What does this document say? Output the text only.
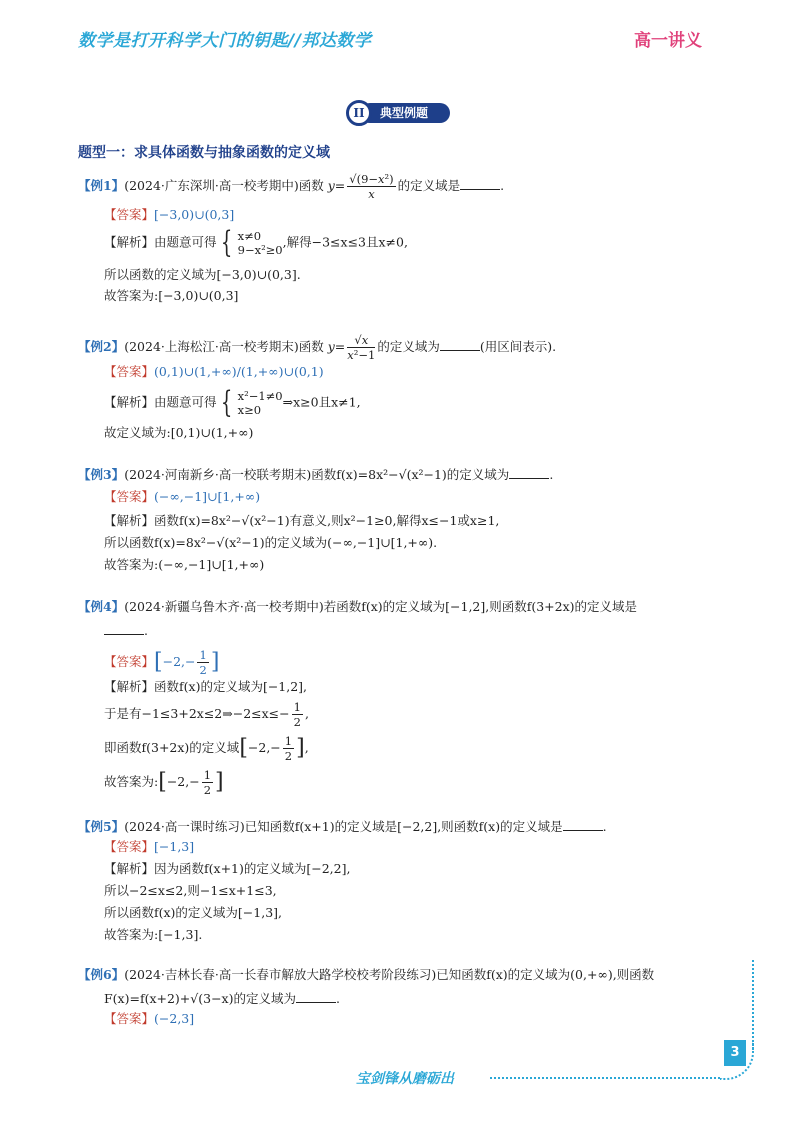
数学是打开科学大门的钥匙//邦达数学	高一讲义
典型例题
II
题型一：求具体函数与抽象函数的定义域
【例1】(2024·广东深圳·高一校考期中)函数 $y= \frac{\text{√(9−x²)}}{x}$ 的定义域是	.
【答案】[−3,0)∪(0,3]
【解析】由题意可得 { x≠0
9−x²≥0,解得−3≤x≤3且x≠0,
所以函数的定义域为[−3,0)∪(0,3].
故答案为:[−3,0)∪(0,3]
【例2】(2024·上海松江·高一校考期末)函数 $y= \frac{√x}{\text{x²−1}}$ 的定义域为	(用区间表示).
【答案】(0,1)∪(1,+∞)/(1,+∞)∪(0,1)
【解析】由题意可得 { x²−1≠0
x≥0⇒x≥0且x≠1,
故定义域为:[0,1)∪(1,+∞)
【例3】(2024·河南新乡·高一校联考期末)函数f(x)=8x²−√(x²−1)的定义域为	.
【答案】(−∞,−1]∪[1,+∞)
【解析】函数f(x)=8x²−√(x²−1)有意义,则x²−1≥0,解得x≤−1或x≥1,
所以函数f(x)=8x²−√(x²−1)的定义域为(−∞,−1]∪[1,+∞).
故答案为:(−∞,−1]∪[1,+∞)
【例4】(2024·新疆乌鲁木齐·高一校考期中)若函数f(x)的定义域为[−1,2],则函数f(3+2x)的定义域是
.
【答案】[$-2,- \frac{1}{2}$ ]
【解析】函数f(x)的定义域为[−1,2],
于是有−1≤3+2x≤2⇒−2≤x≤− $\frac{1}{2}$ ,
即函数f(3+2x)的定义域[$-2,- \frac{1}{2}$ ],
故答案为:[−2,− $\frac{1}{2}$ ]
【例5】(2024·高一课时练习)已知函数f(x+1)的定义域是[−2,2],则函数f(x)的定义域是	.
【答案】[−1,3]
【解析】因为函数f(x+1)的定义域为[−2,2],
所以−2≤x≤2,则−1≤x+1≤3,
所以函数f(x)的定义域为[−1,3],
故答案为:[−1,3].
【例6】(2024·吉林长春·高一长春市解放大路学校校考阶段练习)已知函数f(x)的定义域为(0,+∞),则函数
F(x)=f(x+2)+√(3−x)的定义域为	.
【答案】(−2,3]
3
宝剑锋从磨砺出
